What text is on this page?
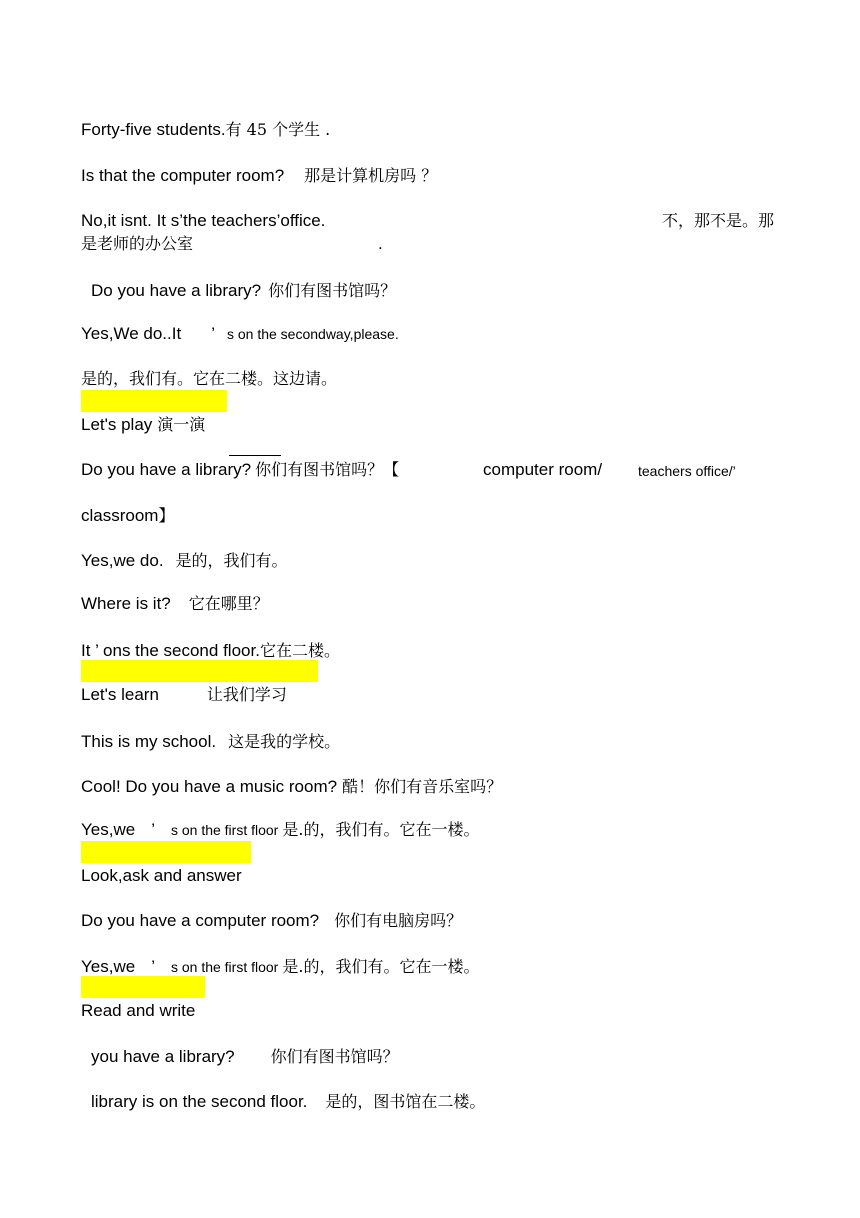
Forty-five students.有 45 个学生 .
Is that the computer room? 那是计算机房吗 ？
No,it isnt. It s’the teachers’office.	不，那不是。那
是老师的办公室	.
Do you have a library? 你们有图书馆吗？
Yes,We do..It ’ s on the secondway,please.
是的，我们有。它在二楼。这边请。
Let's play 演一演
Do you have a library? 你们有图书馆吗？【	computer room/	teachers office/’
classroom】
Yes,we do. 是的，我们有。
Where is it? 它在哪里？
It ’ ons the second floor.它在二楼。
Let's learn	让我们学习
This is my school. 这是我的学校。
Cool! Do you have a music room? 酷！你们有音乐室吗？
Yes,we ’ s on the first floor 是.的，我们有。它在一楼。
Look,ask and answer
Do you have a computer room? 你们有电脑房吗？
Yes,we ’ s on the first floor 是.的，我们有。它在一楼。
Read and write
you have a library? 你们有图书馆吗？
library is on the second floor. 是的，图书馆在二楼。
